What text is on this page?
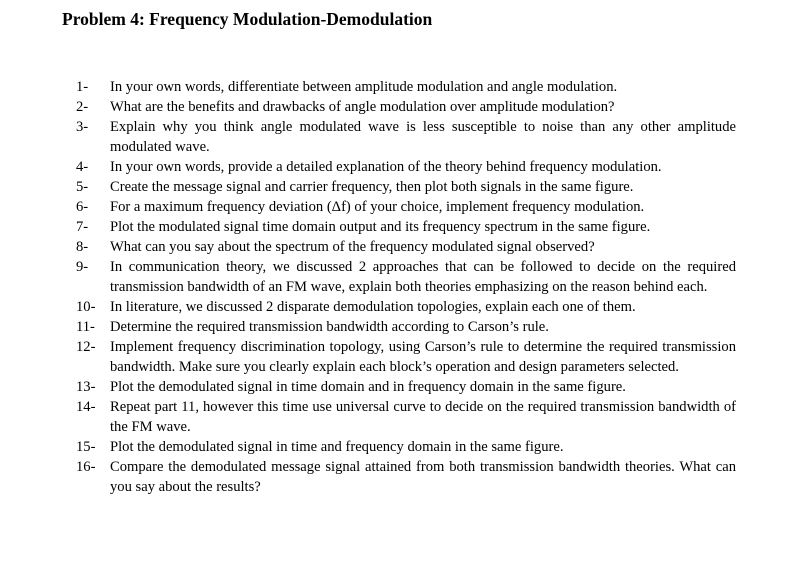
Problem 4: Frequency Modulation-Demodulation
1-	In your own words, differentiate between amplitude modulation and angle modulation.
2-	What are the benefits and drawbacks of angle modulation over amplitude modulation?
3-	Explain why you think angle modulated wave is less susceptible to noise than any other amplitude modulated wave.
4-	In your own words, provide a detailed explanation of the theory behind frequency modulation.
5-	Create the message signal and carrier frequency, then plot both signals in the same figure.
6-	For a maximum frequency deviation (Δf) of your choice, implement frequency modulation.
7-	Plot the modulated signal time domain output and its frequency spectrum in the same figure.
8-	What can you say about the spectrum of the frequency modulated signal observed?
9-	In communication theory, we discussed 2 approaches that can be followed to decide on the required transmission bandwidth of an FM wave, explain both theories emphasizing on the reason behind each.
10- In literature, we discussed 2 disparate demodulation topologies, explain each one of them.
11-	Determine the required transmission bandwidth according to Carson’s rule.
12- Implement frequency discrimination topology, using Carson’s rule to determine the required transmission bandwidth. Make sure you clearly explain each block’s operation and design parameters selected.
13- Plot the demodulated signal in time domain and in frequency domain in the same figure.
14- Repeat part 11, however this time use universal curve to decide on the required transmission bandwidth of the FM wave.
15- Plot the demodulated signal in time and frequency domain in the same figure.
16- Compare the demodulated message signal attained from both transmission bandwidth theories. What can you say about the results?
